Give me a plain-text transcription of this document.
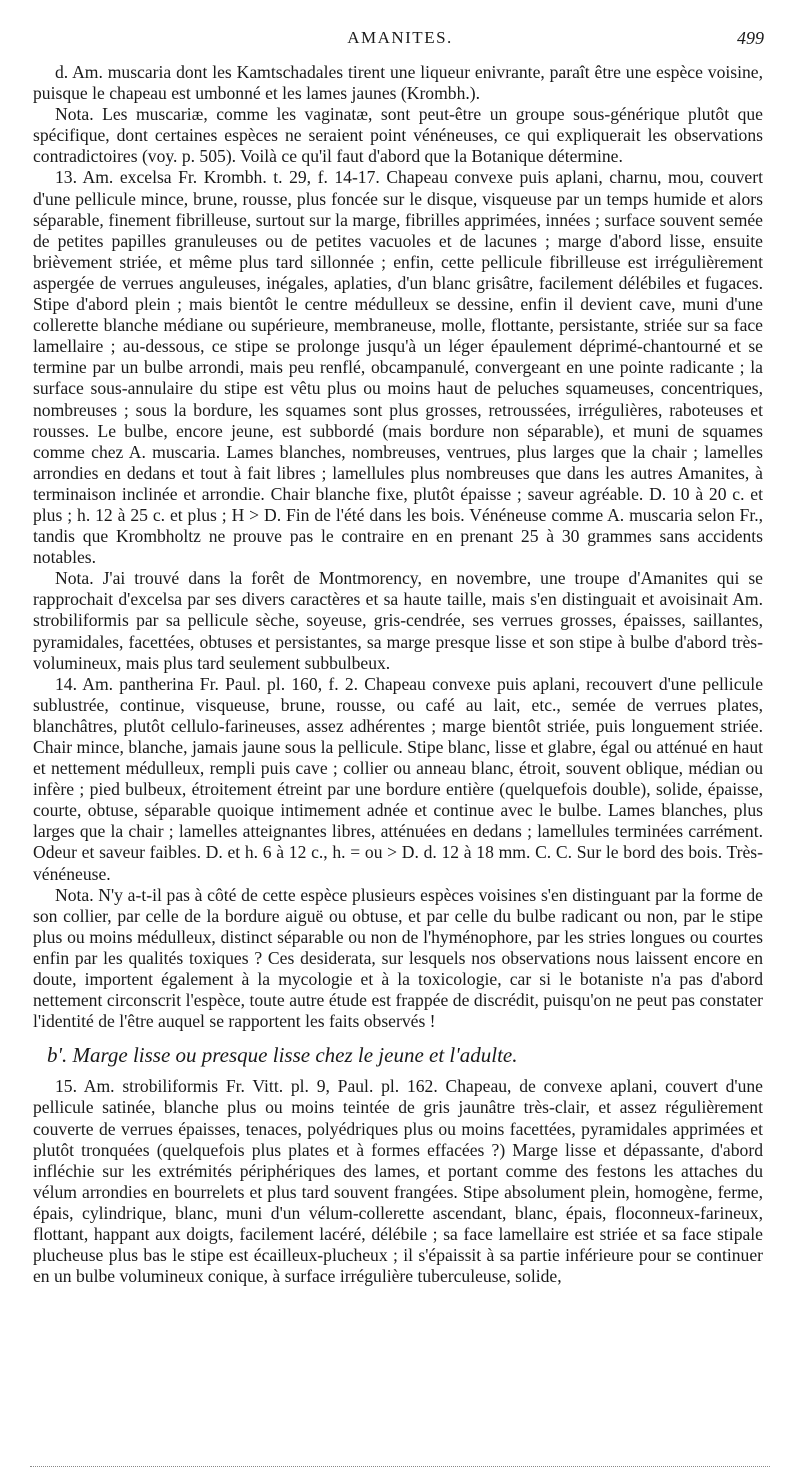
AMANITES.	499

d. Am. muscaria dont les Kamtschadales tirent une liqueur enivrante, paraît être une espèce voisine, puisque le chapeau est umbonné et les lames jaunes (Krombh.).

Nota. Les muscariæ, comme les vaginatæ, sont peut-être un groupe sous-générique plutôt que spécifique, dont certaines espèces ne seraient point vénéneuses, ce qui expliquerait les observations contradictoires (voy. p. 505). Voilà ce qu'il faut d'abord que la Botanique détermine.

13. Am. excelsa Fr. Krombh. t. 29, f. 14-17. Chapeau convexe puis aplani, charnu, mou, couvert d'une pellicule mince, brune, rousse, plus foncée sur le disque, visqueuse par un temps humide et alors séparable, finement fibrilleuse, surtout sur la marge, fibrilles apprimées, innées ; surface souvent semée de petites papilles granuleuses ou de petites vacuoles et de lacunes ; marge d'abord lisse, ensuite brièvement striée, et même plus tard sillonnée ; enfin, cette pellicule fibrilleuse est irrégulièrement aspergée de verrues anguleuses, inégales, aplaties, d'un blanc grisâtre, facilement délébiles et fugaces. Stipe d'abord plein ; mais bientôt le centre médulleux se dessine, enfin il devient cave, muni d'une collerette blanche médiane ou supérieure, membraneuse, molle, flottante, persistante, striée sur sa face lamellaire ; au-dessous, ce stipe se prolonge jusqu'à un léger épaulement déprimé-chantourné et se termine par un bulbe arrondi, mais peu renflé, obcampanulé, convergeant en une pointe radicante ; la surface sous-annulaire du stipe est vêtu plus ou moins haut de peluches squameuses, concentriques, nombreuses ; sous la bordure, les squames sont plus grosses, retroussées, irrégulières, raboteuses et rousses. Le bulbe, encore jeune, est subbordé (mais bordure non séparable), et muni de squames comme chez A. muscaria. Lames blanches, nombreuses, ventrues, plus larges que la chair ; lamelles arrondies en dedans et tout à fait libres ; lamellules plus nombreuses que dans les autres Amanites, à terminaison inclinée et arrondie. Chair blanche fixe, plutôt épaisse ; saveur agréable. D. 10 à 20 c. et plus ; h. 12 à 25 c. et plus ; H > D. Fin de l'été dans les bois. Vénéneuse comme A. muscaria selon Fr., tandis que Krombholtz ne prouve pas le contraire en en prenant 25 à 30 grammes sans accidents notables.

Nota. J'ai trouvé dans la forêt de Montmorency, en novembre, une troupe d'Amanites qui se rapprochait d'excelsa par ses divers caractères et sa haute taille, mais s'en distinguait et avoisinait Am. strobiliformis par sa pellicule sèche, soyeuse, gris-cendrée, ses verrues grosses, épaisses, saillantes, pyramidales, facettées, obtuses et persistantes, sa marge presque lisse et son stipe à bulbe d'abord très-volumineux, mais plus tard seulement subbulbeux.

14. Am. pantherina Fr. Paul. pl. 160, f. 2. Chapeau convexe puis aplani, recouvert d'une pellicule sublustrée, continue, visqueuse, brune, rousse, ou café au lait, etc., semée de verrues plates, blanchâtres, plutôt cellulo-farineuses, assez adhérentes ; marge bientôt striée, puis longuement striée. Chair mince, blanche, jamais jaune sous la pellicule. Stipe blanc, lisse et glabre, égal ou atténué en haut et nettement médulleux, rempli puis cave ; collier ou anneau blanc, étroit, souvent oblique, médian ou infère ; pied bulbeux, étroitement étreint par une bordure entière (quelquefois double), solide, épaisse, courte, obtuse, séparable quoique intimement adnée et continue avec le bulbe. Lames blanches, plus larges que la chair ; lamelles atteignantes libres, atténuées en dedans ; lamellules terminées carrément. Odeur et saveur faibles. D. et h. 6 à 12 c., h. = ou > D. d. 12 à 18 mm. C. C. Sur le bord des bois. Très-vénéneuse.

Nota. N'y a-t-il pas à côté de cette espèce plusieurs espèces voisines s'en distinguant par la forme de son collier, par celle de la bordure aiguë ou obtuse, et par celle du bulbe radicant ou non, par le stipe plus ou moins médulleux, distinct séparable ou non de l'hyménophore, par les stries longues ou courtes enfin par les qualités toxiques ? Ces desiderata, sur lesquels nos observations nous laissent encore en doute, importent également à la mycologie et à la toxicologie, car si le botaniste n'a pas d'abord nettement circonscrit l'espèce, toute autre étude est frappée de discrédit, puisqu'on ne peut pas constater l'identité de l'être auquel se rapportent les faits observés !

b'. Marge lisse ou presque lisse chez le jeune et l'adulte.

15. Am. strobiliformis Fr. Vitt. pl. 9, Paul. pl. 162. Chapeau, de convexe aplani, couvert d'une pellicule satinée, blanche plus ou moins teintée de gris jaunâtre très-clair, et assez régulièrement couverte de verrues épaisses, tenaces, polyédriques plus ou moins facettées, pyramidales apprimées et plutôt tronquées (quelquefois plus plates et à formes effacées ?) Marge lisse et dépassante, d'abord infléchie sur les extrémités périphériques des lames, et portant comme des festons les attaches du vélum arrondies en bourrelets et plus tard souvent frangées. Stipe absolument plein, homogène, ferme, épais, cylindrique, blanc, muni d'un vélum-collerette ascendant, blanc, épais, floconneux-farineux, flottant, happant aux doigts, facilement lacéré, délébile ; sa face lamellaire est striée et sa face stipale plucheuse plus bas le stipe est écailleux-plucheux ; il s'épaissit à sa partie inférieure pour se continuer en un bulbe volumineux conique, à surface irrégulière tuberculeuse, solide,
